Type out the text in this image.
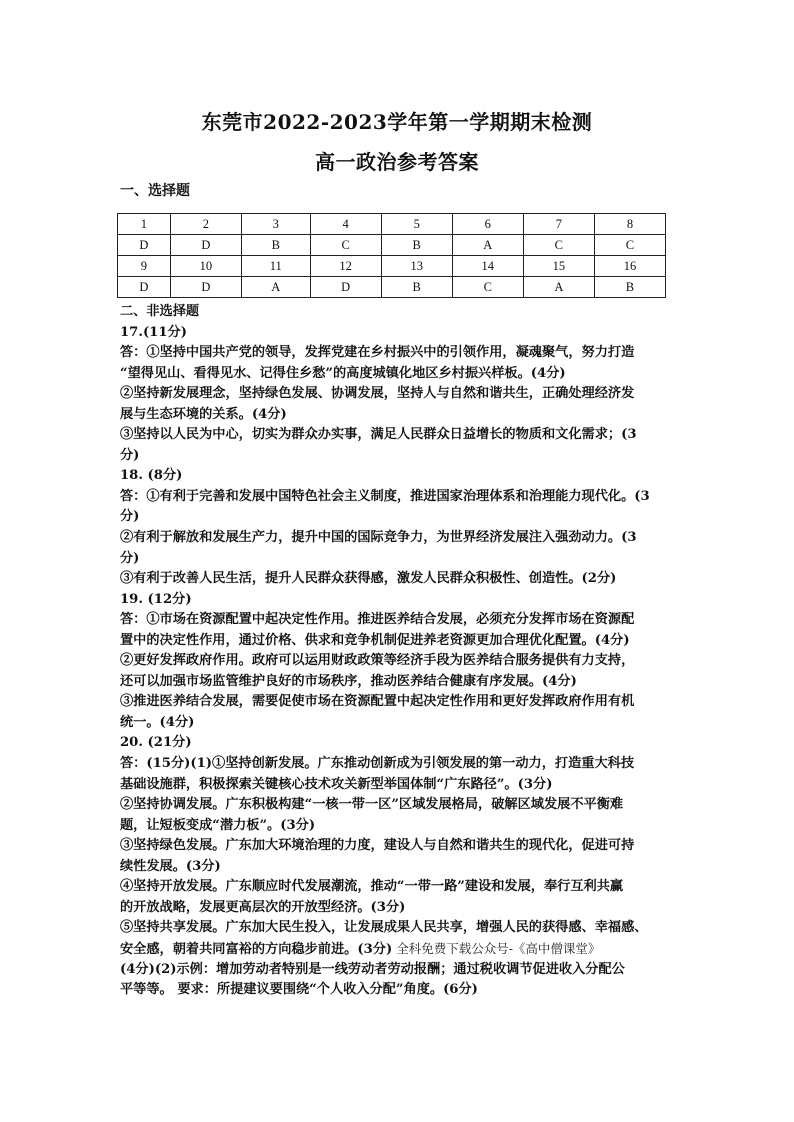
东莞市2022-2023学年第一学期期末检测
高一政治参考答案
一、选择题
1	2	3	4	5	6	7	8
D	D	B	C	B	A	C	C
9	10	11	12	13	14	15	16
D	D	A	D	B	C	A	B
二、非选择题
17.(11分)
答：①坚持中国共产党的领导，发挥党建在乡村振兴中的引领作用，凝魂聚气，努力打造
“望得见山、看得见水、记得住乡愁”的高度城镇化地区乡村振兴样板。(4分)
②坚持新发展理念，坚持绿色发展、协调发展，坚持人与自然和谐共生，正确处理经济发
展与生态环境的关系。(4分)
③坚持以人民为中心，切实为群众办实事，满足人民群众日益增长的物质和文化需求；(3
分)
18. (8分)
答：①有利于完善和发展中国特色社会主义制度，推进国家治理体系和治理能力现代化。(3
分)
②有利于解放和发展生产力，提升中国的国际竞争力，为世界经济发展注入强劲动力。(3
分)
③有利于改善人民生活，提升人民群众获得感，激发人民群众积极性、创造性。(2分)
19. (12分)
答：①市场在资源配置中起决定性作用。推进医养结合发展，必须充分发挥市场在资源配
置中的决定性作用，通过价格、供求和竞争机制促进养老资源更加合理优化配置。(4分)
②更好发挥政府作用。政府可以运用财政政策等经济手段为医养结合服务提供有力支持，
还可以加强市场监管维护良好的市场秩序，推动医养结合健康有序发展。(4分)
③推进医养结合发展，需要促使市场在资源配置中起决定性作用和更好发挥政府作用有机
统一。(4分)
20. (21分)
答：(15分)(1)①坚持创新发展。广东推动创新成为引领发展的第一动力，打造重大科技
基础设施群，积极探索关键核心技术攻关新型举国体制“广东路径”。(3分)
②坚持协调发展。广东积极构建“一核一带一区”区域发展格局，破解区域发展不平衡难
题，让短板变成“潜力板”。(3分)
③坚持绿色发展。广东加大环境治理的力度，建设人与自然和谐共生的现代化，促进可持
续性发展。(3分)
④坚持开放发展。广东顺应时代发展潮流，推动“一带一路”建设和发展，奉行互利共赢
的开放战略，发展更高层次的开放型经济。(3分)
⑤坚持共享发展。广东加大民生投入，让发展成果人民共享，增强人民的获得感、幸福感、
安全感，朝着共同富裕的方向稳步前进。(3分) 全科免费下载公众号-《高中僧课堂》
(4分)(2)示例：增加劳动者特别是一线劳动者劳动报酬；通过税收调节促进收入分配公
平等等。 要求：所提建议要围绕“个人收入分配”角度。(6分)
